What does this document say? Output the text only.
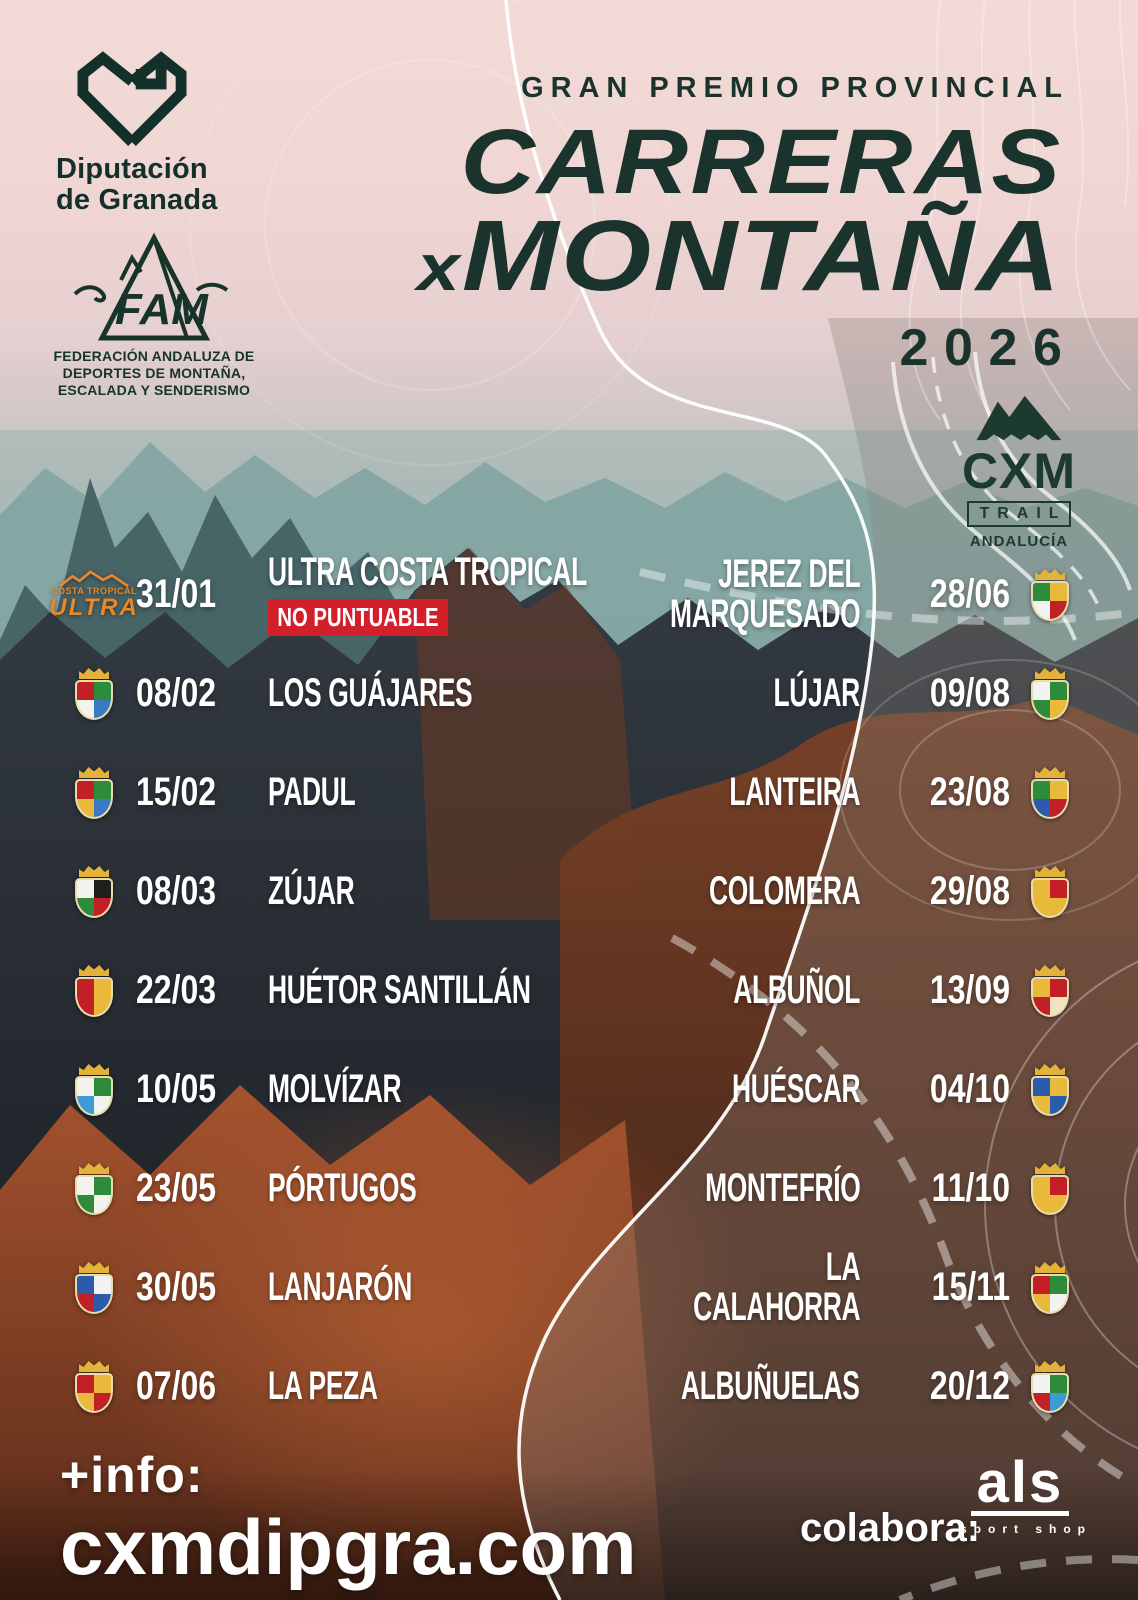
Diputación
de Granada
FAM
FEDERACIÓN ANDALUZA DE
DEPORTES DE MONTAÑA,
ESCALADA Y SENDERISMO
GRAN PREMIO PROVINCIAL
CARRERAS
xMONTAÑA
2026
CXM
TRAIL
ANDALUCÍA
COSTA TROPICAL
ULTRA
31/01
ULTRA COSTA TROPICAL
NO PUNTUABLE
08/02 LOS GUÁJARES
15/02 PADUL
08/03 ZÚJAR
22/03 HUÉTOR SANTILLÁN
10/05 MOLVÍZAR
23/05 PÓRTUGOS
30/05 LANJARÓN
07/06 LA PEZA
28/06
JEREZ DEL MARQUESADO
09/08
LÚJAR
23/08
LANTEIRA
29/08
COLOMERA
13/09
ALBUÑOL
04/10
HUÉSCAR
11/10
MONTEFRÍO
15/11
LA CALAHORRA
20/12
ALBUÑUELAS
+info:
cxmdipgra.com	colabora:
als
sport shop
